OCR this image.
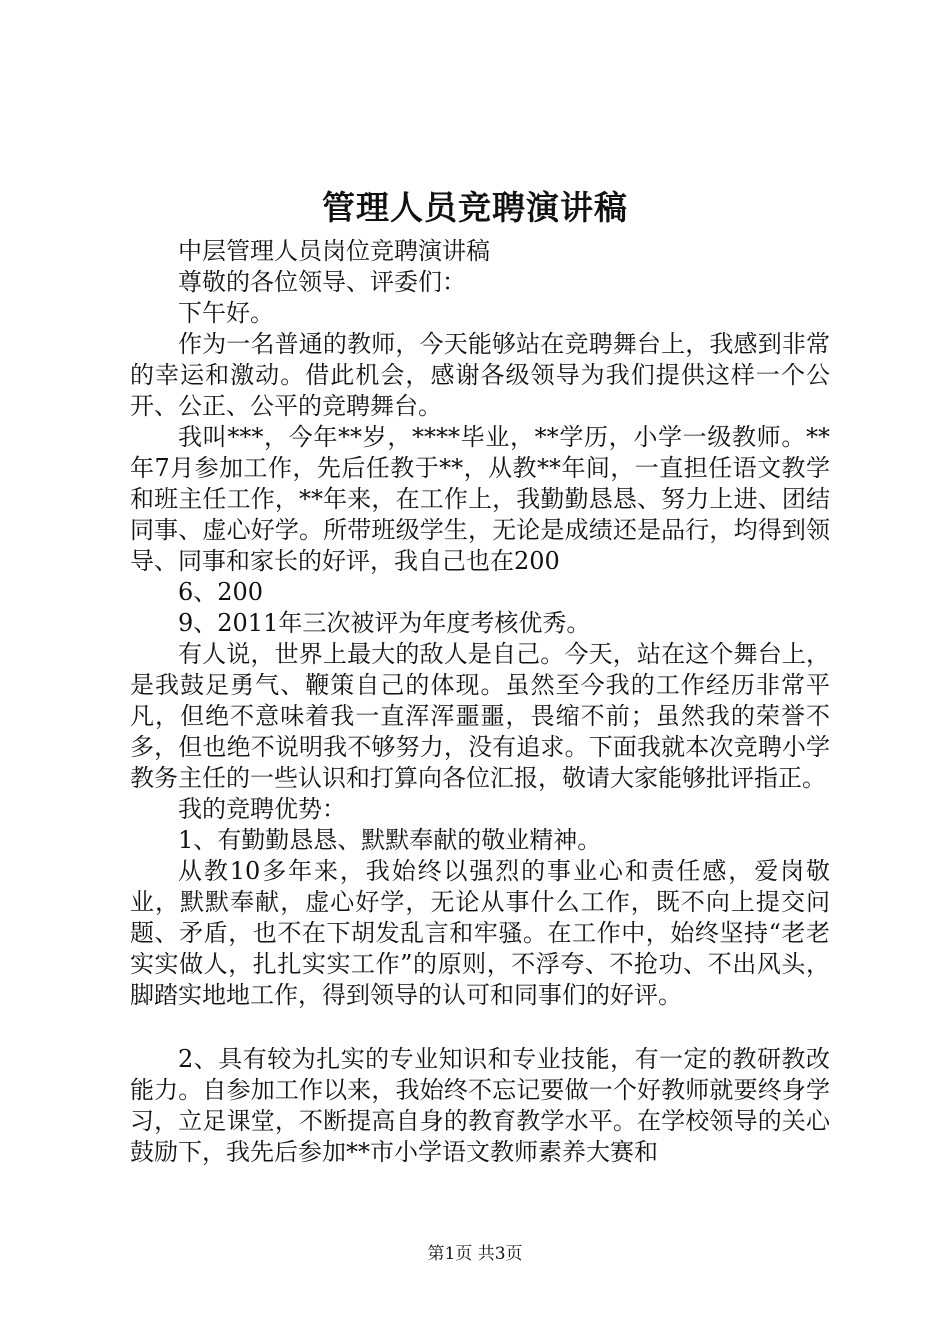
管理人员竞聘演讲稿

中层管理人员岗位竞聘演讲稿

尊敬的各位领导、评委们：

下午好。

作为一名普通的教师，今天能够站在竞聘舞台上，我感到非常的幸运和激动。借此机会，感谢各级领导为我们提供这样一个公开、公正、公平的竞聘舞台。

我叫***，今年**岁，****毕业，**学历，小学一级教师。**年7月参加工作，先后任教于**，从教**年间，一直担任语文教学和班主任工作，**年来，在工作上，我勤勤恳恳、努力上进、团结同事、虚心好学。所带班级学生，无论是成绩还是品行，均得到领导、同事和家长的好评，我自己也在200

6、200

9、2011年三次被评为年度考核优秀。

有人说，世界上最大的敌人是自己。今天，站在这个舞台上，是我鼓足勇气、鞭策自己的体现。虽然至今我的工作经历非常平凡，但绝不意味着我一直浑浑噩噩，畏缩不前；虽然我的荣誉不多，但也绝不说明我不够努力，没有追求。下面我就本次竞聘小学教务主任的一些认识和打算向各位汇报，敬请大家能够批评指正。

我的竞聘优势：

1、有勤勤恳恳、默默奉献的敬业精神。

从教10多年来，我始终以强烈的事业心和责任感，爱岗敬业，默默奉献，虚心好学，无论从事什么工作，既不向上提交问题、矛盾，也不在下胡发乱言和牢骚。在工作中，始终坚持“老老实实做人，扎扎实实工作”的原则，不浮夸、不抢功、不出风头，脚踏实地地工作，得到领导的认可和同事们的好评。

2、具有较为扎实的专业知识和专业技能，有一定的教研教改能力。自参加工作以来，我始终不忘记要做一个好教师就要终身学习，立足课堂，不断提高自身的教育教学水平。在学校领导的关心鼓励下，我先后参加**市小学语文教师素养大赛和

第1页 共3页
